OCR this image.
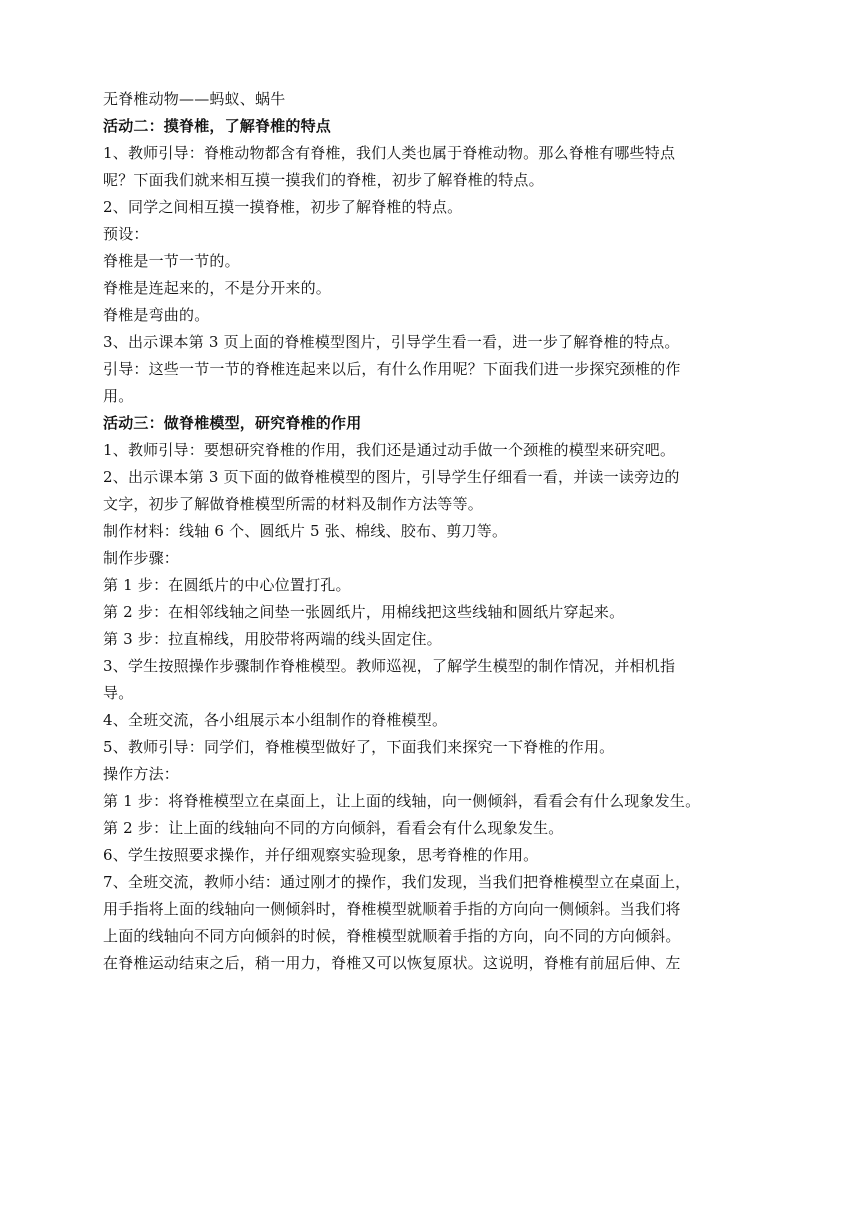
无脊椎动物——蚂蚁、蜗牛
活动二：摸脊椎，了解脊椎的特点
1、教师引导：脊椎动物都含有脊椎，我们人类也属于脊椎动物。那么脊椎有哪些特点
呢？下面我们就来相互摸一摸我们的脊椎，初步了解脊椎的特点。
2、同学之间相互摸一摸脊椎，初步了解脊椎的特点。
预设：
脊椎是一节一节的。
脊椎是连起来的，不是分开来的。
脊椎是弯曲的。
3、出示课本第 3 页上面的脊椎模型图片，引导学生看一看，进一步了解脊椎的特点。
引导：这些一节一节的脊椎连起来以后，有什么作用呢？下面我们进一步探究颈椎的作
用。
活动三：做脊椎模型，研究脊椎的作用
1、教师引导：要想研究脊椎的作用，我们还是通过动手做一个颈椎的模型来研究吧。
2、出示课本第 3 页下面的做脊椎模型的图片，引导学生仔细看一看，并读一读旁边的
文字，初步了解做脊椎模型所需的材料及制作方法等等。
制作材料：线轴 6 个、圆纸片 5 张、棉线、胶布、剪刀等。
制作步骤：
第 1 步：在圆纸片的中心位置打孔。
第 2 步：在相邻线轴之间垫一张圆纸片，用棉线把这些线轴和圆纸片穿起来。
第 3 步：拉直棉线，用胶带将两端的线头固定住。
3、学生按照操作步骤制作脊椎模型。教师巡视，了解学生模型的制作情况，并相机指
导。
4、全班交流，各小组展示本小组制作的脊椎模型。
5、教师引导：同学们，脊椎模型做好了，下面我们来探究一下脊椎的作用。
操作方法：
第 1 步：将脊椎模型立在桌面上，让上面的线轴，向一侧倾斜，看看会有什么现象发生。
第 2 步：让上面的线轴向不同的方向倾斜，看看会有什么现象发生。
6、学生按照要求操作，并仔细观察实验现象，思考脊椎的作用。
7、全班交流，教师小结：通过刚才的操作，我们发现，当我们把脊椎模型立在桌面上，
用手指将上面的线轴向一侧倾斜时，脊椎模型就顺着手指的方向向一侧倾斜。当我们将
上面的线轴向不同方向倾斜的时候，脊椎模型就顺着手指的方向，向不同的方向倾斜。
在脊椎运动结束之后，稍一用力，脊椎又可以恢复原状。这说明，脊椎有前屈后伸、左
